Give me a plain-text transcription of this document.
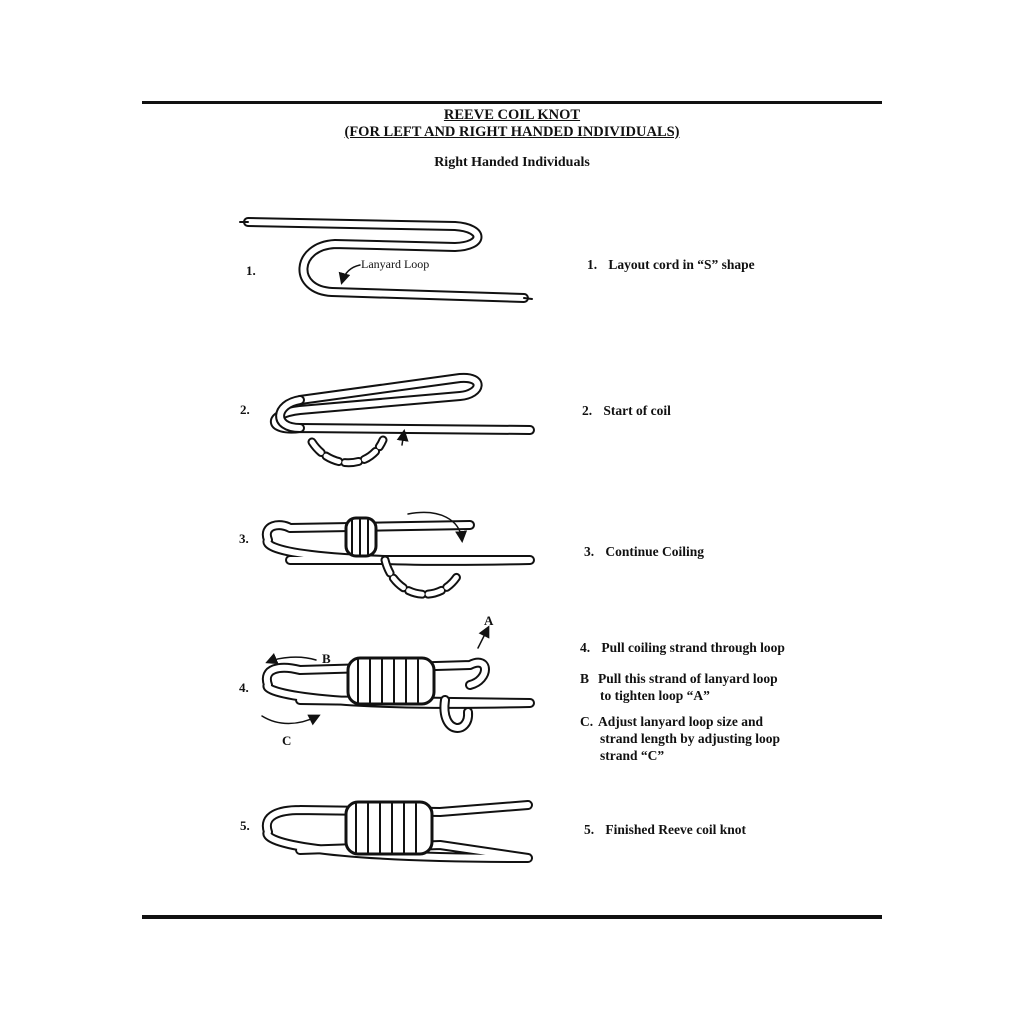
REEVE COIL KNOT
(FOR LEFT AND RIGHT HANDED INDIVIDUALS)
Right Handed Individuals
1.
2.
3.
4.
5.
1. Layout cord in “S” shape
2. Start of coil
3. Continue Coiling
4. Pull coiling strand through loop
B Pull this strand of lanyard loop
to tighten loop “A”
C. Adjust lanyard loop size and
strand length by adjusting loop
strand “C”
5. Finished Reeve coil knot
Lanyard Loop
A
B
C
